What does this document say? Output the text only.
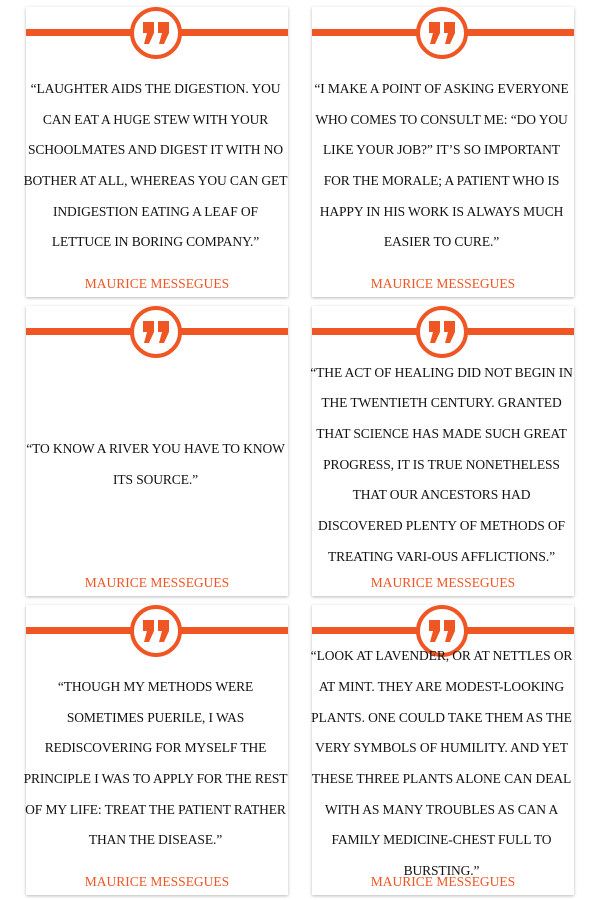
“LAUGHTER AIDS THE DIGESTION. YOU CAN EAT A HUGE STEW WITH YOUR SCHOOLMATES AND DIGEST IT WITH NO BOTHER AT ALL, WHEREAS YOU CAN GET INDIGESTION EATING A LEAF OF LETTUCE IN BORING COMPANY.”

MAURICE MESSEGUES

“I MAKE A POINT OF ASKING EVERYONE WHO COMES TO CONSULT ME: “DO YOU LIKE YOUR JOB?” IT’S SO IMPORTANT FOR THE MORALE; A PATIENT WHO IS HAPPY IN HIS WORK IS ALWAYS MUCH EASIER TO CURE.”

MAURICE MESSEGUES

“TO KNOW A RIVER YOU HAVE TO KNOW ITS SOURCE.”

MAURICE MESSEGUES

“THE ACT OF HEALING DID NOT BEGIN IN THE TWENTIETH CENTURY. GRANTED THAT SCIENCE HAS MADE SUCH GREAT PROGRESS, IT IS TRUE NONETHELESS THAT OUR ANCESTORS HAD DISCOVERED PLENTY OF METHODS OF TREATING VARI-OUS AFFLICTIONS.”

MAURICE MESSEGUES

“THOUGH MY METHODS WERE SOMETIMES PUERILE, I WAS REDISCOVERING FOR MYSELF THE PRINCIPLE I WAS TO APPLY FOR THE REST OF MY LIFE: TREAT THE PATIENT RATHER THAN THE DISEASE.”

MAURICE MESSEGUES

“LOOK AT LAVENDER, OR AT NETTLES OR AT MINT. THEY ARE MODEST-LOOKING PLANTS. ONE COULD TAKE THEM AS THE VERY SYMBOLS OF HUMILITY. AND YET THESE THREE PLANTS ALONE CAN DEAL WITH AS MANY TROUBLES AS CAN A FAMILY MEDICINE-CHEST FULL TO BURSTING.”

MAURICE MESSEGUES
